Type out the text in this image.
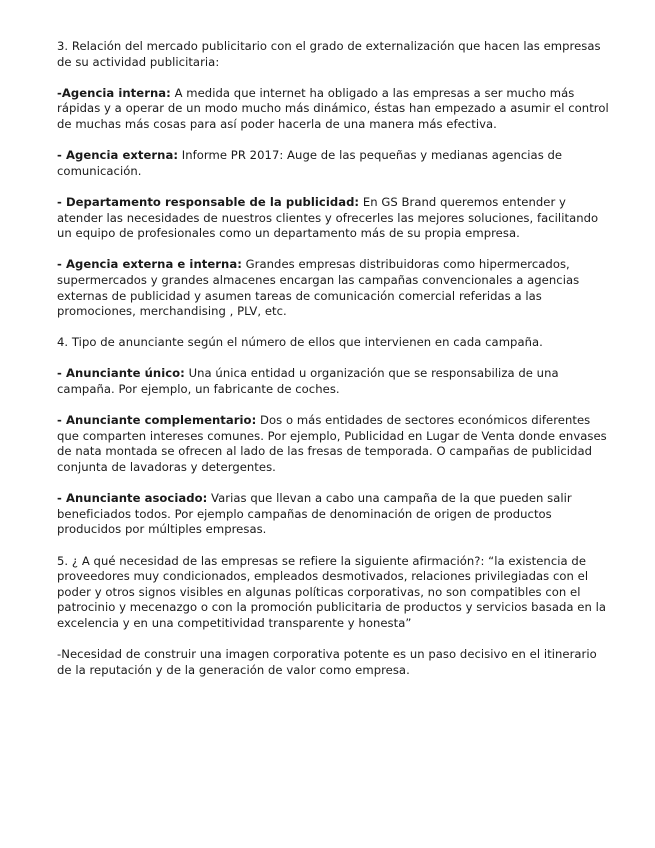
3. Relación del mercado publicitario con el grado de externalización que hacen las empresas de su actividad publicitaria:

-Agencia interna: A medida que internet ha obligado a las empresas a ser mucho más rápidas y a operar de un modo mucho más dinámico, éstas han empezado a asumir el control de muchas más cosas para así poder hacerla de una manera más efectiva.

- Agencia externa: Informe PR 2017: Auge de las pequeñas y medianas agencias de comunicación.

- Departamento responsable de la publicidad: En GS Brand queremos entender y atender las necesidades de nuestros clientes y ofrecerles las mejores soluciones, facilitando un equipo de profesionales como un departamento más de su propia empresa.

- Agencia externa e interna: Grandes empresas distribuidoras como hipermercados, supermercados y grandes almacenes encargan las campañas convencionales a agencias externas de publicidad y asumen tareas de comunicación comercial referidas a las promociones, merchandising , PLV, etc.

4. Tipo de anunciante según el número de ellos que intervienen en cada campaña.

- Anunciante único: Una única entidad u organización que se responsabiliza de una campaña. Por ejemplo, un fabricante de coches.

- Anunciante complementario: Dos o más entidades de sectores económicos diferentes que comparten intereses comunes. Por ejemplo, Publicidad en Lugar de Venta donde envases de nata montada se ofrecen al lado de las fresas de temporada. O campañas de publicidad conjunta de lavadoras y detergentes.

- Anunciante asociado: Varias que llevan a cabo una campaña de la que pueden salir beneficiados todos. Por ejemplo campañas de denominación de origen de productos producidos por múltiples empresas.

5. ¿ A qué necesidad de las empresas se refiere la siguiente afirmación?: “la existencia de proveedores muy condicionados, empleados desmotivados, relaciones privilegiadas con el poder y otros signos visibles en algunas políticas corporativas, no son compatibles con el patrocinio y mecenazgo o con la promoción publicitaria de productos y servicios basada en la excelencia y en una competitividad transparente y honesta”

-Necesidad de construir una imagen corporativa potente es un paso decisivo en el itinerario de la reputación y de la generación de valor como empresa.
